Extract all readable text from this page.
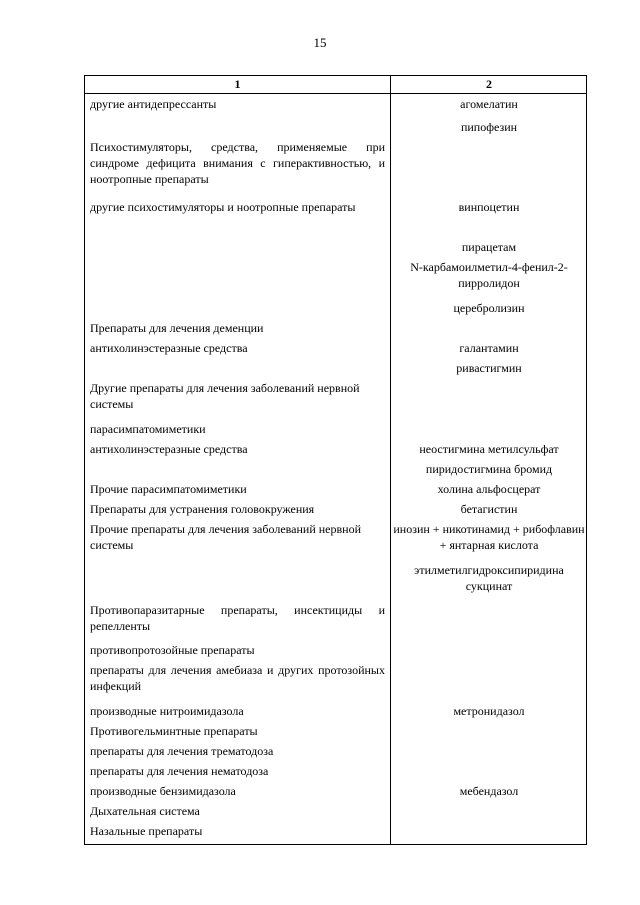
15
1	2
другие антидепрессанты
Психостимуляторы, средства, применяемые при синдроме дефицита внимания с гиперактивностью, и ноотропные препараты
другие психостимуляторы и ноотропные препараты
Препараты для лечения деменции
антихолинэстеразные средства
Другие препараты для лечения заболеваний нервной системы
парасимпатомиметики
антихолинэстеразные средства
Прочие парасимпатомиметики
Препараты для устранения головокружения
Прочие препараты для лечения заболеваний нервной системы
Противопаразитарные препараты, инсектициды и репелленты
противопротозойные препараты
препараты для лечения амебиаза и других протозойных инфекций
производные нитроимидазола
Противогельминтные препараты
препараты для лечения трематодоза
препараты для лечения нематодоза
производные бензимидазола
Дыхательная система
Назальные препараты
агомелатин
пипофезин
винпоцетин
пирацетам
N-карбамоилметил-4-фенил-2-пирролидон
церебролизин
галантамин
ривастигмин
неостигмина метилсульфат
пиридостигмина бромид
холина альфосцерат
бетагистин
инозин + никотинамид + рибофлавин + янтарная кислота
этилметилгидроксипиридина сукцинат
метронидазол
мебендазол
